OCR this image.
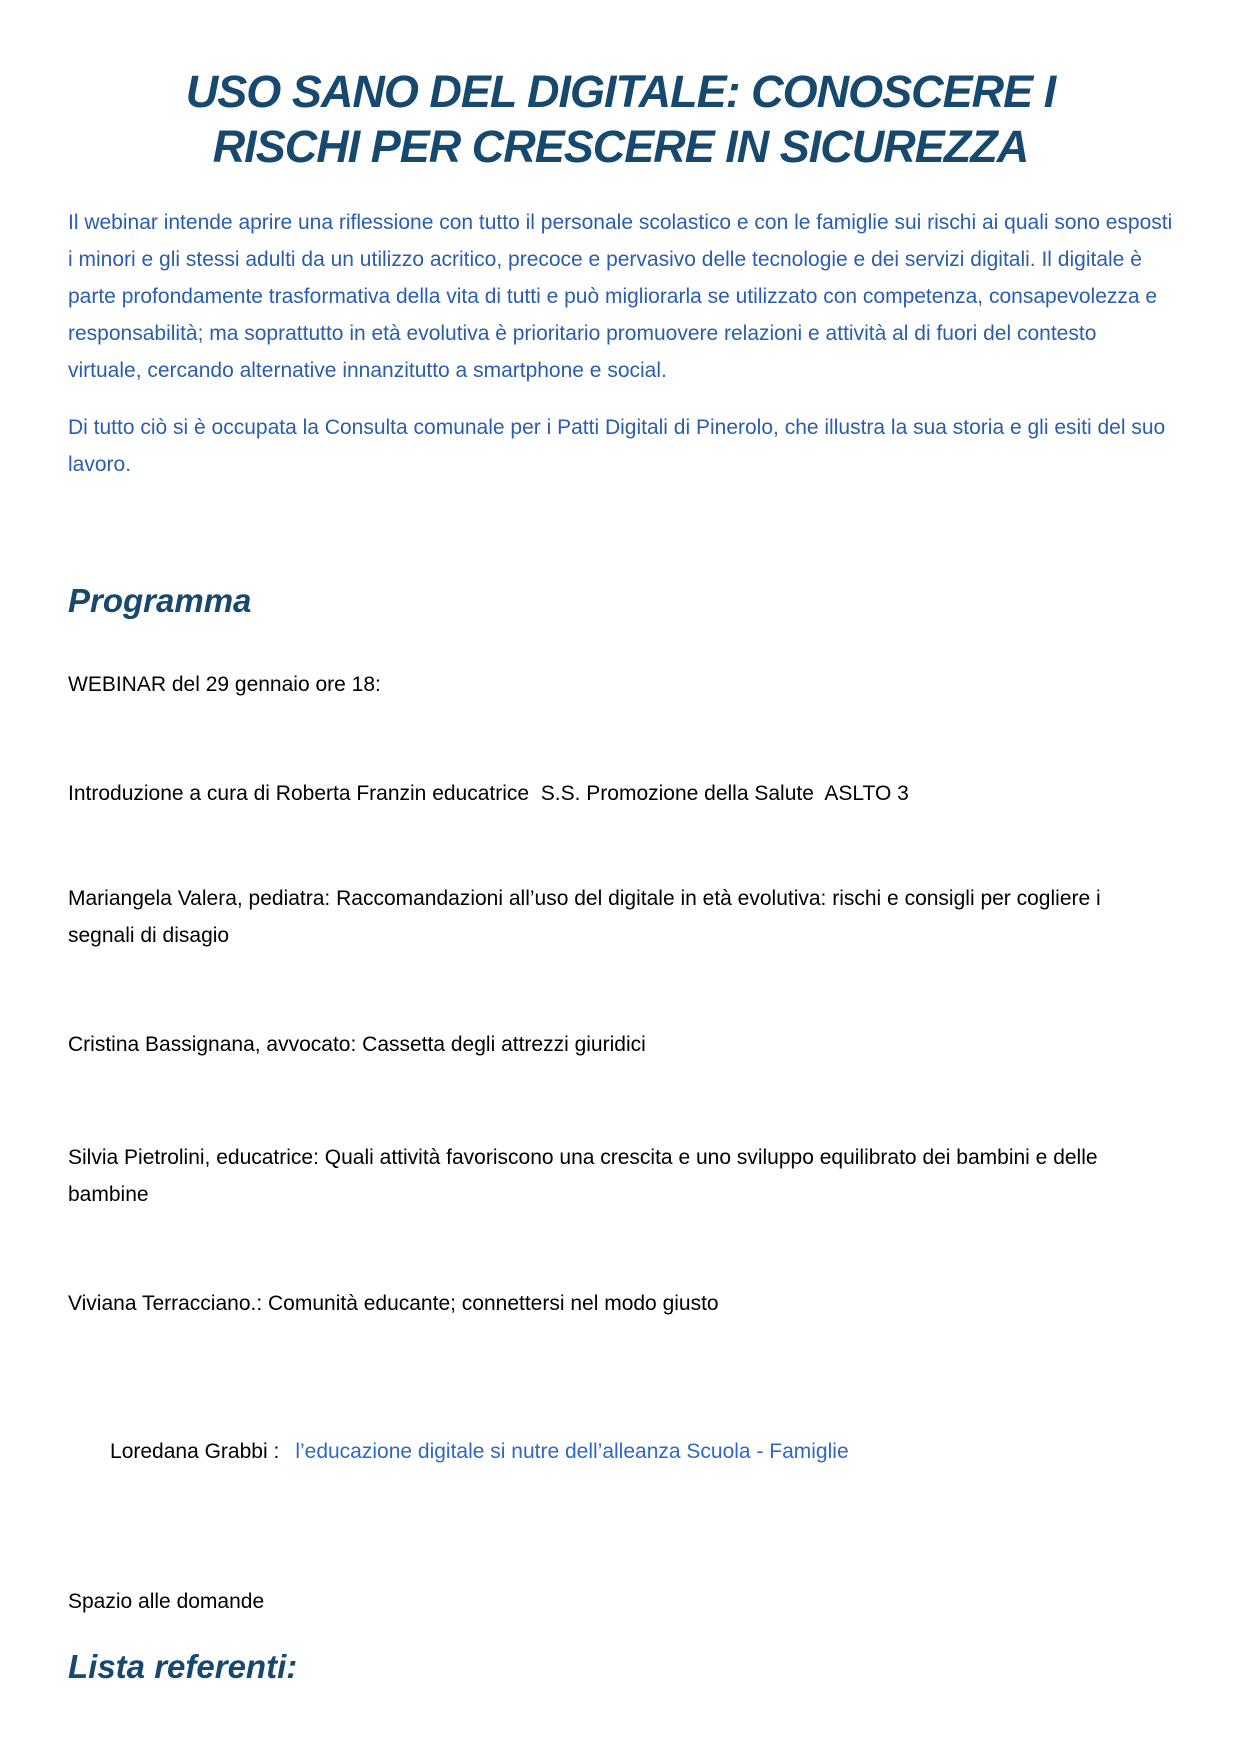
USO SANO DEL DIGITALE: CONOSCERE I
RISCHI PER CRESCERE IN SICUREZZA
Il webinar intende aprire una riflessione con tutto il personale scolastico e con le famiglie sui rischi ai quali sono esposti i minori e gli stessi adulti da un utilizzo acritico, precoce e pervasivo delle tecnologie e dei servizi digitali. Il digitale è parte profondamente trasformativa della vita di tutti e può migliorarla se utilizzato con competenza, consapevolezza e responsabilità; ma soprattutto in età evolutiva è prioritario promuovere relazioni e attività al di fuori del contesto virtuale, cercando alternative innanzitutto a smartphone e social.
Di tutto ciò si è occupata la Consulta comunale per i Patti Digitali di Pinerolo, che illustra la sua storia e gli esiti del suo lavoro.
Programma
WEBINAR del 29 gennaio ore 18:
Introduzione a cura di Roberta Franzin educatrice  S.S. Promozione della Salute  ASLTO 3
Mariangela Valera, pediatra: Raccomandazioni all’uso del digitale in età evolutiva: rischi e consigli per cogliere i segnali di disagio
Cristina Bassignana, avvocato: Cassetta degli attrezzi giuridici
Silvia Pietrolini, educatrice: Quali attività favoriscono una crescita e uno sviluppo equilibrato dei bambini e delle bambine
Viviana Terracciano.: Comunità educante; connettersi nel modo giusto

Loredana Grabbi : l’educazione digitale si nutre dell’alleanza Scuola - Famiglie

Spazio alle domande
Lista referenti:
